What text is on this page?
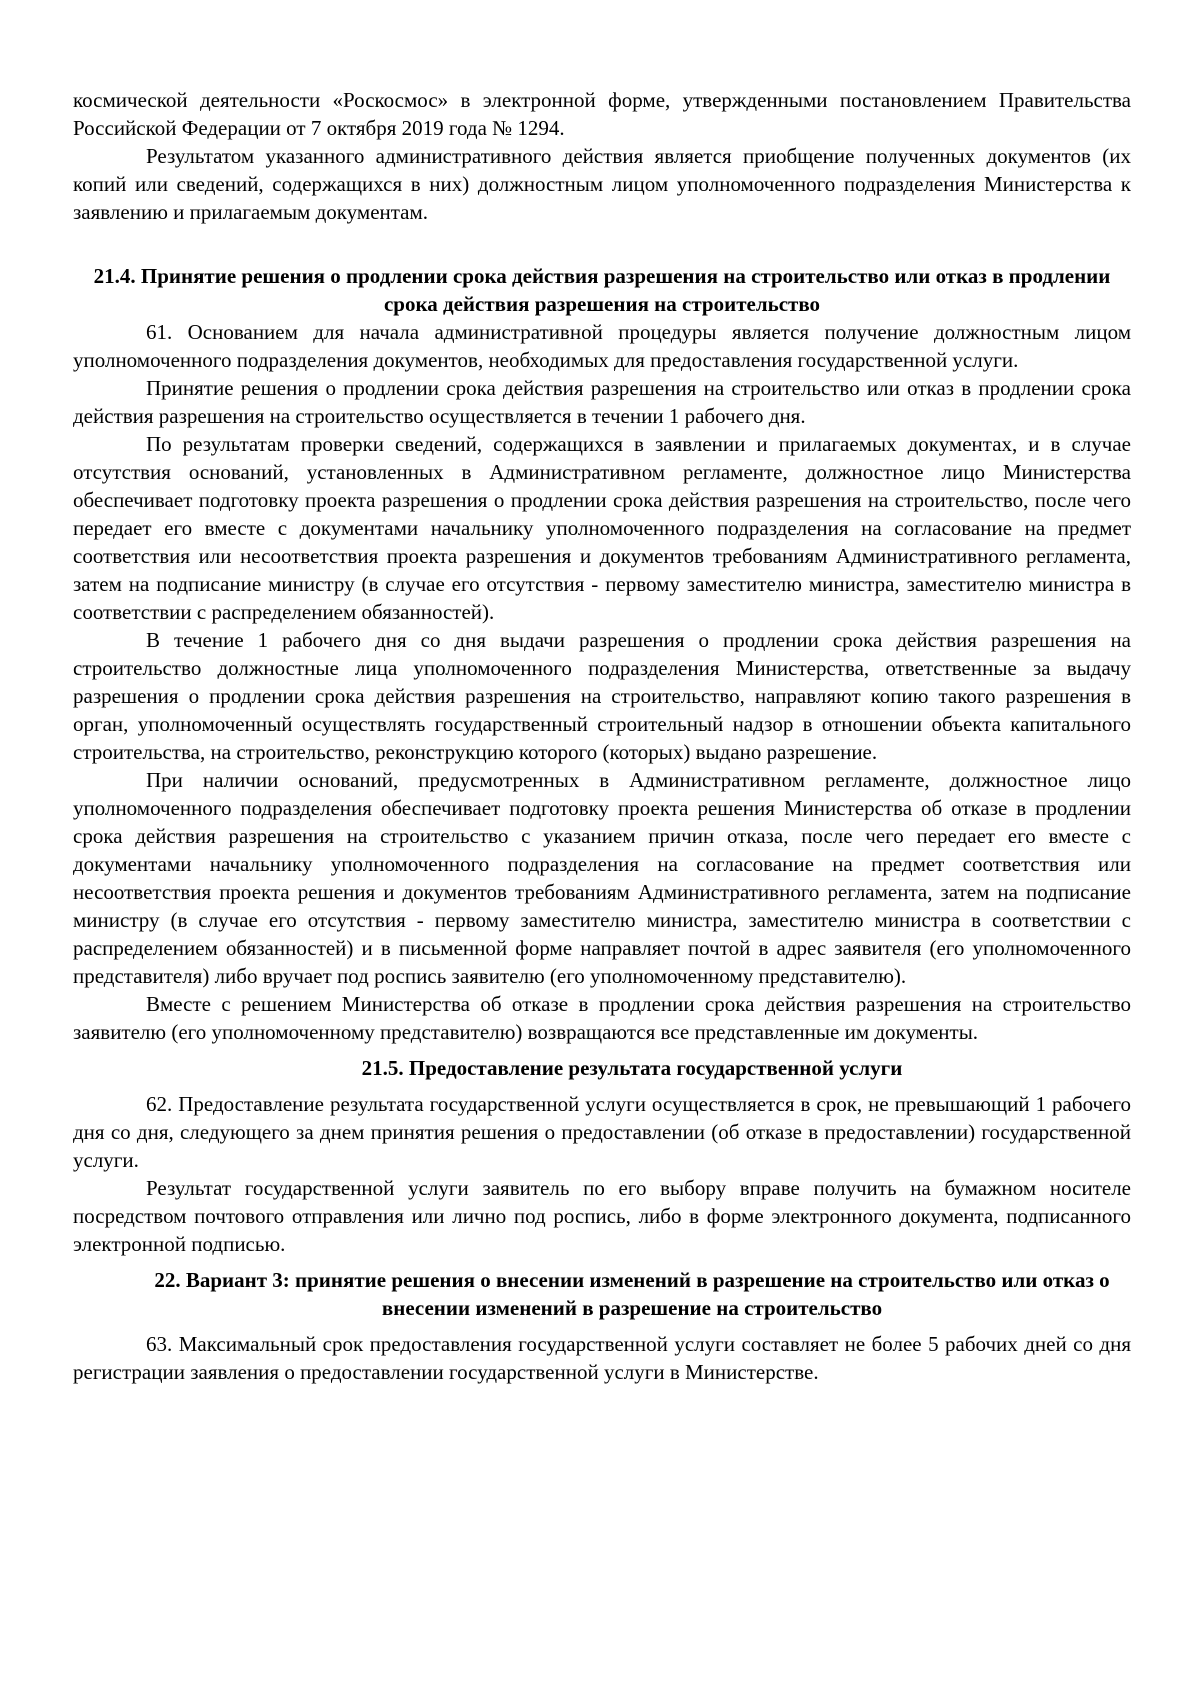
космической деятельности «Роскосмос» в электронной форме, утвержденными постановлением Правительства Российской Федерации от 7 октября 2019 года № 1294.

Результатом указанного административного действия является приобщение полученных документов (их копий или сведений, содержащихся в них) должностным лицом уполномоченного подразделения Министерства к заявлению и прилагаемым документам.

21.4. Принятие решения о продлении срока действия разрешения на строительство или отказ в продлении срока действия разрешения на строительство

61. Основанием для начала административной процедуры является получение должностным лицом уполномоченного подразделения документов, необходимых для предоставления государственной услуги.

Принятие решения о продлении срока действия разрешения на строительство или отказ в продлении срока действия разрешения на строительство осуществляется в течении 1 рабочего дня.

По результатам проверки сведений, содержащихся в заявлении и прилагаемых документах, и в случае отсутствия оснований, установленных в Административном регламенте, должностное лицо Министерства обеспечивает подготовку проекта разрешения о продлении срока действия разрешения на строительство, после чего передает его вместе с документами начальнику уполномоченного подразделения на согласование на предмет соответствия или несоответствия проекта разрешения и документов требованиям Административного регламента, затем на подписание министру (в случае его отсутствия - первому заместителю министра, заместителю министра в соответствии с распределением обязанностей).

В течение 1 рабочего дня со дня выдачи разрешения о продлении срока действия разрешения на строительство должностные лица уполномоченного подразделения Министерства, ответственные за выдачу разрешения о продлении срока действия разрешения на строительство, направляют копию такого разрешения в орган, уполномоченный осуществлять государственный строительный надзор в отношении объекта капитального строительства, на строительство, реконструкцию которого (которых) выдано разрешение.

При наличии оснований, предусмотренных в Административном регламенте, должностное лицо уполномоченного подразделения обеспечивает подготовку проекта решения Министерства об отказе в продлении срока действия разрешения на строительство с указанием причин отказа, после чего передает его вместе с документами начальнику уполномоченного подразделения на согласование на предмет соответствия или несоответствия проекта решения и документов требованиям Административного регламента, затем на подписание министру (в случае его отсутствия - первому заместителю министра, заместителю министра в соответствии с распределением обязанностей) и в письменной форме направляет почтой в адрес заявителя (его уполномоченного представителя) либо вручает под роспись заявителю (его уполномоченному представителю).

Вместе с решением Министерства об отказе в продлении срока действия разрешения на строительство заявителю (его уполномоченному представителю) возвращаются все представленные им документы.

21.5. Предоставление результата государственной услуги

62. Предоставление результата государственной услуги осуществляется в срок, не превышающий 1 рабочего дня со дня, следующего за днем принятия решения о предоставлении (об отказе в предоставлении) государственной услуги.

Результат государственной услуги заявитель по его выбору вправе получить на бумажном носителе посредством почтового отправления или лично под роспись, либо в форме электронного документа, подписанного электронной подписью.

22. Вариант 3: принятие решения о внесении изменений в разрешение на строительство или отказ о внесении изменений в разрешение на строительство

63. Максимальный срок предоставления государственной услуги составляет не более 5 рабочих дней со дня регистрации заявления о предоставлении государственной услуги в Министерстве.
